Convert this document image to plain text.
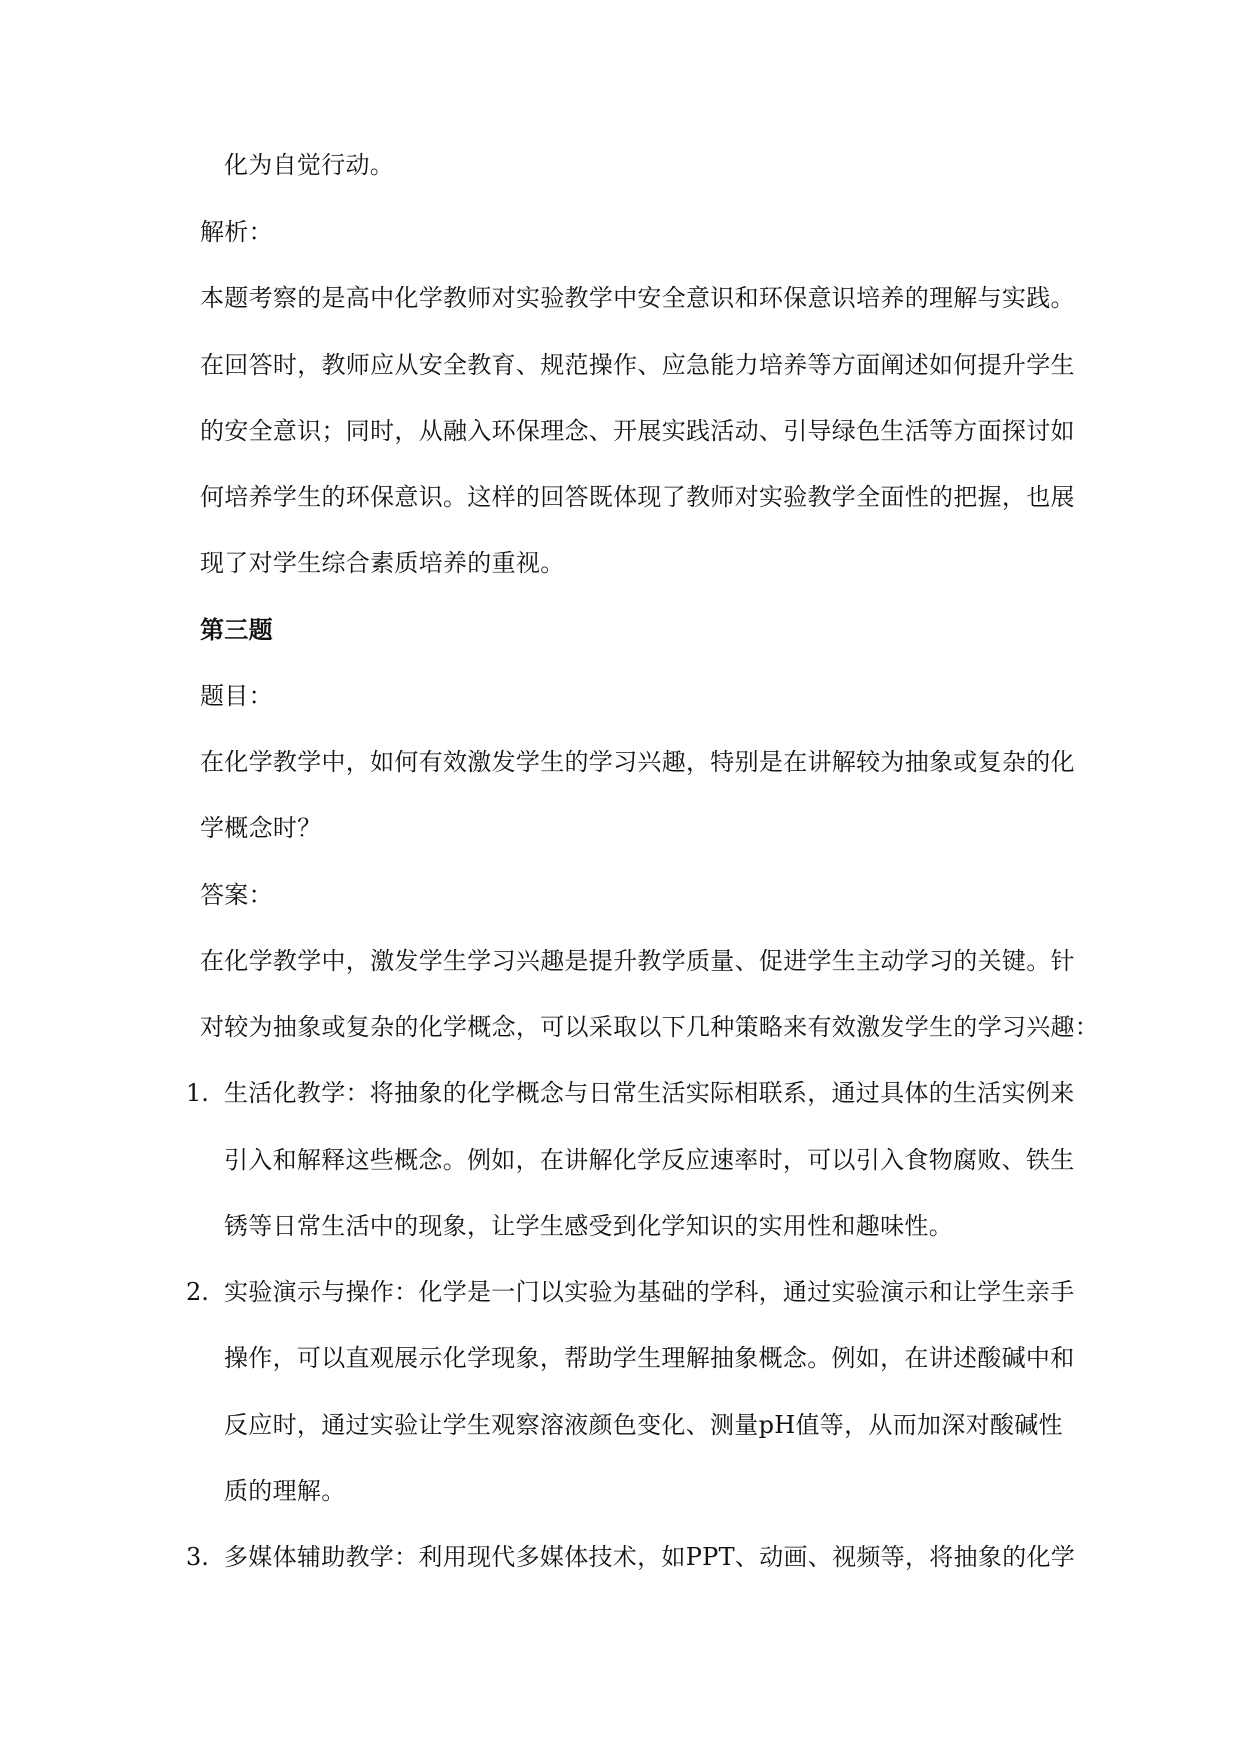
化为自觉行动。
解析：
本题考察的是高中化学教师对实验教学中安全意识和环保意识培养的理解与实践。
在回答时，教师应从安全教育、规范操作、应急能力培养等方面阐述如何提升学生
的安全意识；同时，从融入环保理念、开展实践活动、引导绿色生活等方面探讨如
何培养学生的环保意识。这样的回答既体现了教师对实验教学全面性的把握，也展
现了对学生综合素质培养的重视。
第三题
题目：
在化学教学中，如何有效激发学生的学习兴趣，特别是在讲解较为抽象或复杂的化
学概念时？
答案：
在化学教学中，激发学生学习兴趣是提升教学质量、促进学生主动学习的关键。针
对较为抽象或复杂的化学概念，可以采取以下几种策略来有效激发学生的学习兴趣：
1. 生活化教学：将抽象的化学概念与日常生活实际相联系，通过具体的生活实例来
引入和解释这些概念。例如，在讲解化学反应速率时，可以引入食物腐败、铁生
锈等日常生活中的现象，让学生感受到化学知识的实用性和趣味性。
2. 实验演示与操作：化学是一门以实验为基础的学科，通过实验演示和让学生亲手
操作，可以直观展示化学现象，帮助学生理解抽象概念。例如，在讲述酸碱中和
反应时，通过实验让学生观察溶液颜色变化、测量pH值等，从而加深对酸碱性
质的理解。
3. 多媒体辅助教学：利用现代多媒体技术，如PPT、动画、视频等，将抽象的化学
